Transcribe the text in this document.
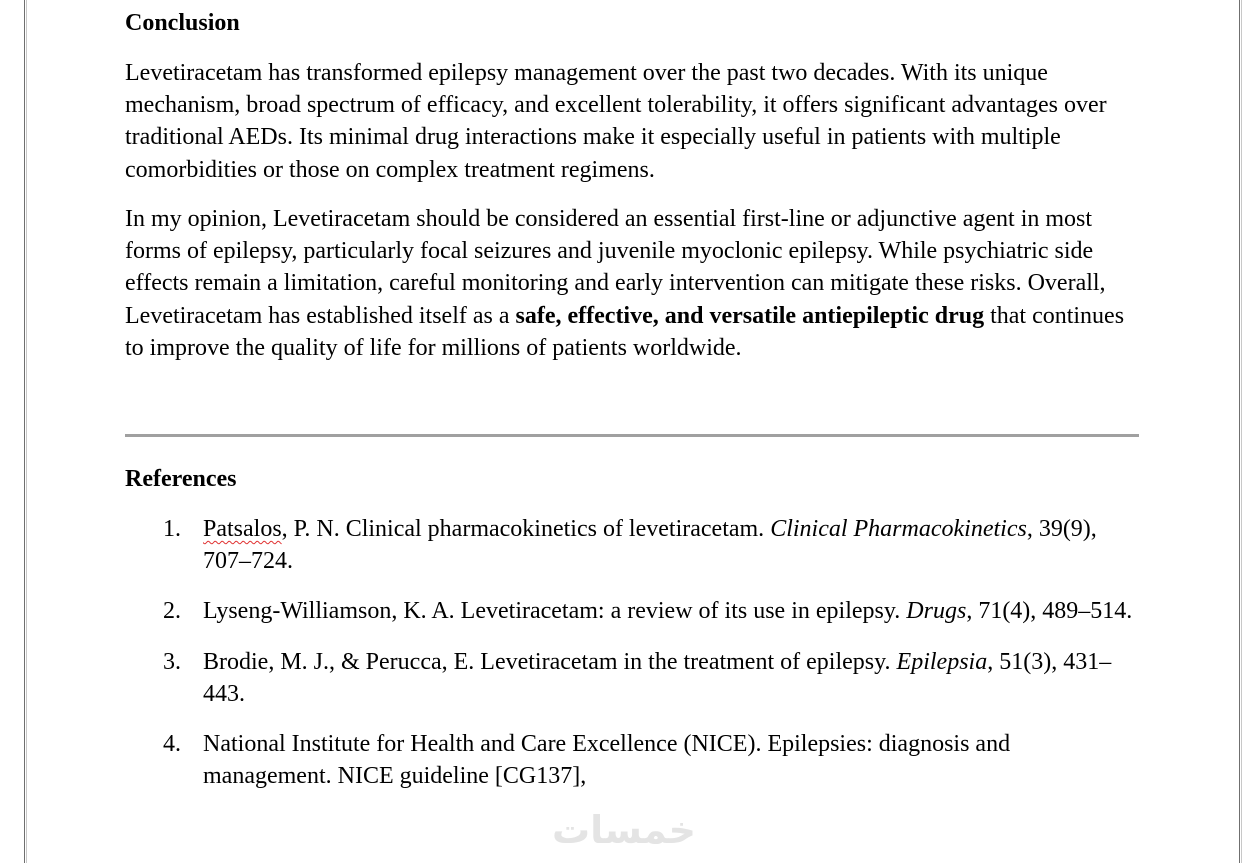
Conclusion

Levetiracetam has transformed epilepsy management over the past two decades. With its unique mechanism, broad spectrum of efficacy, and excellent tolerability, it offers significant advantages over traditional AEDs. Its minimal drug interactions make it especially useful in patients with multiple comorbidities or those on complex treatment regimens.

In my opinion, Levetiracetam should be considered an essential first-line or adjunctive agent in most forms of epilepsy, particularly focal seizures and juvenile myoclonic epilepsy. While psychiatric side effects remain a limitation, careful monitoring and early intervention can mitigate these risks. Overall, Levetiracetam has established itself as a safe, effective, and versatile antiepileptic drug that continues to improve the quality of life for millions of patients worldwide.

References
1. Patsalos, P. N. Clinical pharmacokinetics of levetiracetam. Clinical Pharmacokinetics, 39(9), 707–724.
2. Lyseng-Williamson, K. A. Levetiracetam: a review of its use in epilepsy. Drugs, 71(4), 489–514.
3. Brodie, M. J., & Perucca, E. Levetiracetam in the treatment of epilepsy. Epilepsia, 51(3), 431–443.
4. National Institute for Health and Care Excellence (NICE). Epilepsies: diagnosis and management. NICE guideline [CG137],
خمسات
